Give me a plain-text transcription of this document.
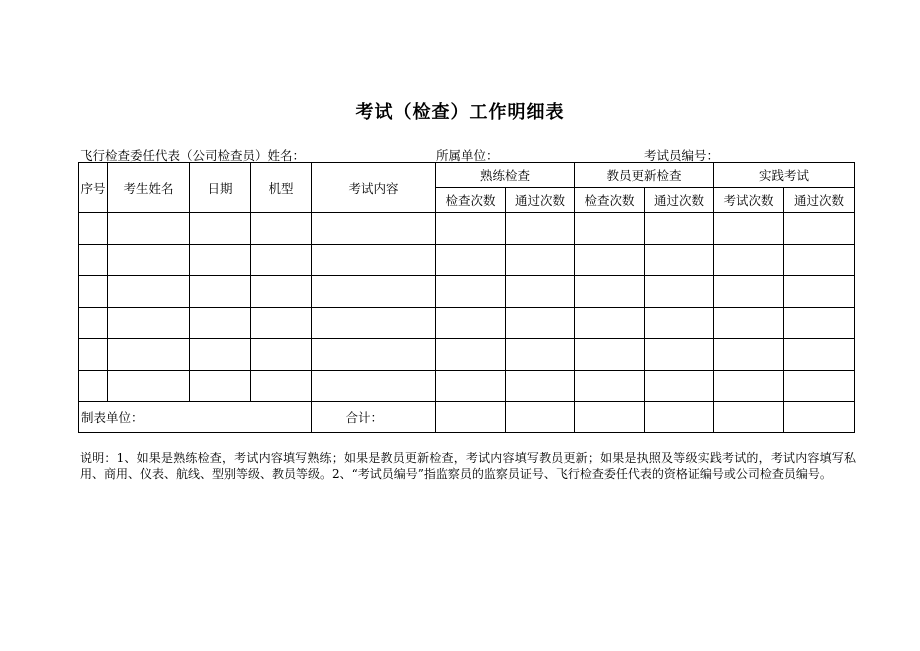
考试（检查）工作明细表
飞行检查委任代表（公司检查员）姓名：	所属单位：	考试员编号：
序号	考生姓名	日期	机型	考试内容	熟练检查		教员更新检查		实践考试	
					检查次数	通过次数	检查次数	通过次数	考试次数	通过次数

制表单位：				合计：						
说明：1、如果是熟练检查，考试内容填写熟练；如果是教员更新检查，考试内容填写教员更新；如果是执照及等级实践考试的，考试内容填写私用、商用、仪表、航线、型别等级、教员等级。2、“考试员编号”指监察员的监察员证号、飞行检查委任代表的资格证编号或公司检查员编号。
